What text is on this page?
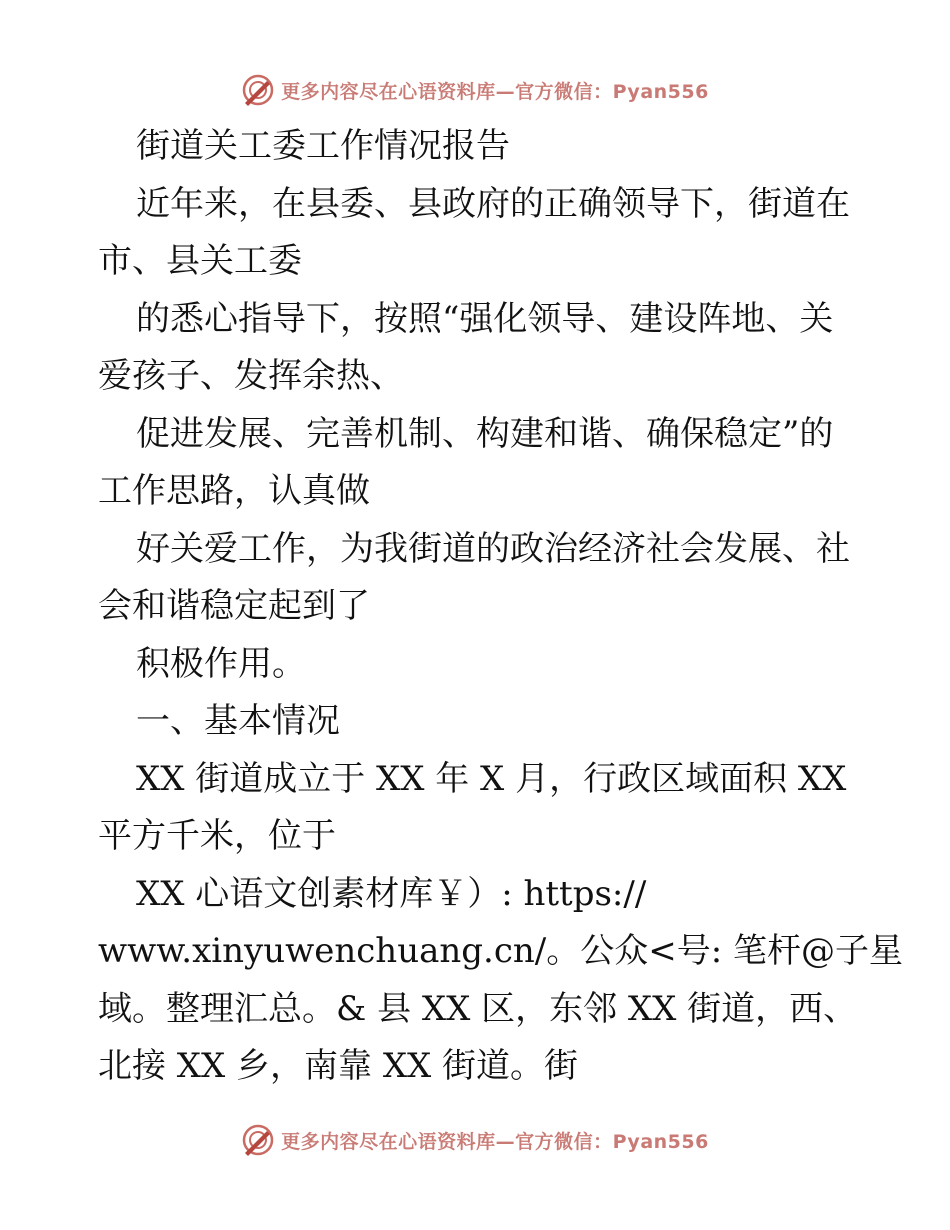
更多内容尽在心语资料库—官方微信：Pyan556
街道关工委工作情况报告
近年来，在县委、县政府的正确领导下，街道在
市、县关工委
的悉心指导下，按照“强化领导、建设阵地、关
爱孩子、发挥余热、
促进发展、完善机制、构建和谐、确保稳定”的
工作思路，认真做
好关爱工作，为我街道的政治经济社会发展、社
会和谐稳定起到了
积极作用。
一、基本情况
XX 街道成立于 XX 年 X 月，行政区域面积 XX
平方千米，位于
XX 心语文创素材库￥）: https://
www.xinyuwenchuang.cn/。公众<号: 笔杆@子星
域。整理汇总。& 县 XX 区，东邻 XX 街道，西、
北接 XX 乡，南靠 XX 街道。街
更多内容尽在心语资料库—官方微信：Pyan556
